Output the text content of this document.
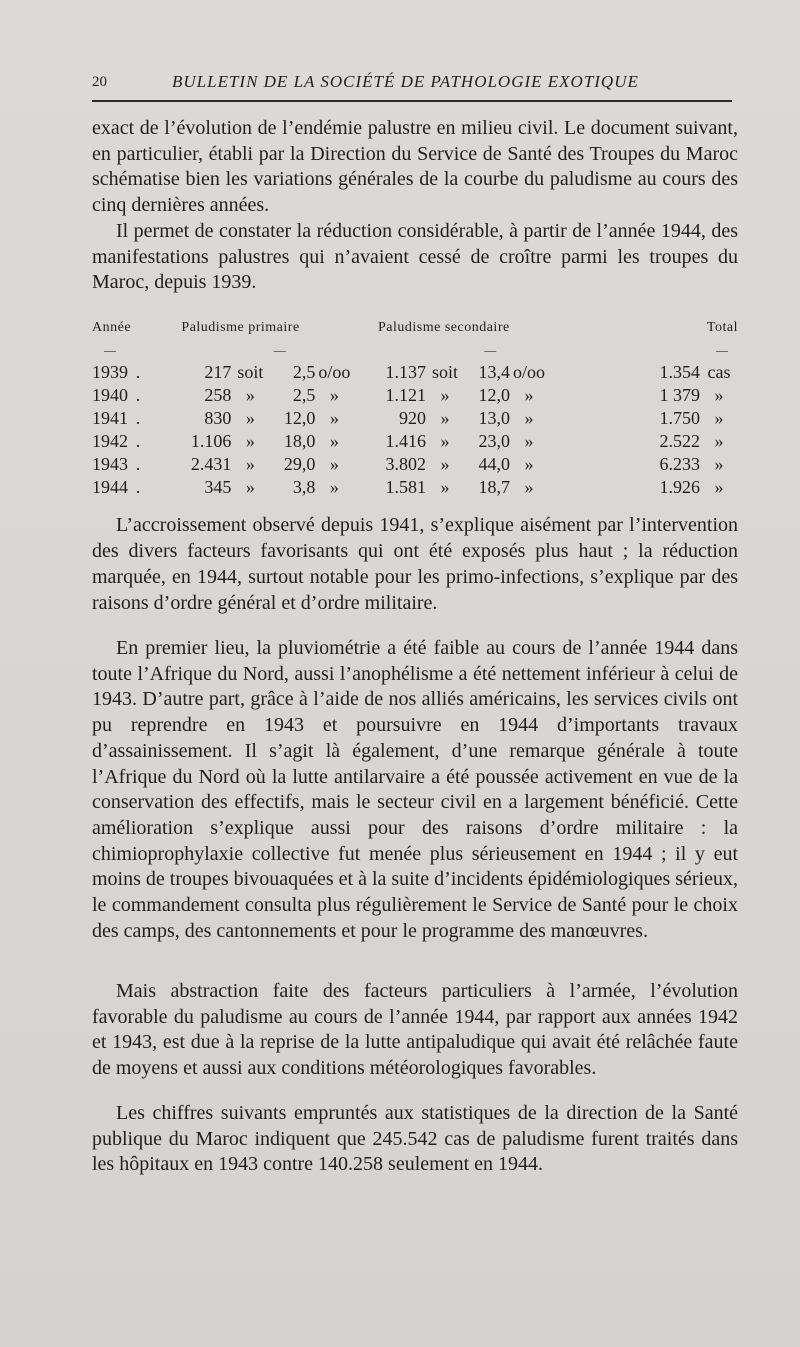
20	BULLETIN DE LA SOCIÉTÉ DE PATHOLOGIE EXOTIQUE

exact de l’évolution de l’endémie palustre en milieu civil. Le document suivant, en particulier, établi par la Direction du Service de Santé des Troupes du Maroc schématise bien les variations générales de la courbe du paludisme au cours des cinq dernières années.

Il permet de constater la réduction considérable, à partir de l’année 1944, des manifestations palustres qui n’avaient cessé de croître parmi les troupes du Maroc, depuis 1939.

Année	Paludisme primaire	Paludisme secondaire	Total
—	—	—	—
1939 .	217 soit 2,5 o/oo	1.137 soit 13,4 o/oo	1.354 cas
1940 .	258 » 2,5 »	1.121 » 12,0 »	1 379 »
1941 .	830 » 12,0 »	920 » 13,0 »	1.750 »
1942 .	1.106 » 18,0 »	1.416 » 23,0 »	2.522 »
1943 .	2.431 » 29,0 »	3.802 » 44,0 »	6.233 »
1944 .	345 » 3,8 »	1.581 » 18,7 »	1.926 »

L’accroissement observé depuis 1941, s’explique aisément par l’intervention des divers facteurs favorisants qui ont été exposés plus haut ; la réduction marquée, en 1944, surtout notable pour les primo-infections, s’explique par des raisons d’ordre général et d’ordre militaire.

En premier lieu, la pluviométrie a été faible au cours de l’année 1944 dans toute l’Afrique du Nord, aussi l’anophélisme a été nettement inférieur à celui de 1943. D’autre part, grâce à l’aide de nos alliés américains, les services civils ont pu reprendre en 1943 et poursuivre en 1944 d’importants travaux d’assainissement. Il s’agit là également, d’une remarque générale à toute l’Afrique du Nord où la lutte antilarvaire a été poussée activement en vue de la conservation des effectifs, mais le secteur civil en a largement bénéficié. Cette amélioration s’explique aussi pour des raisons d’ordre militaire : la chimioprophylaxie collective fut menée plus sérieusement en 1944 ; il y eut moins de troupes bivouaquées et à la suite d’incidents épidémiologiques sérieux, le commandement consulta plus régulièrement le Service de Santé pour le choix des camps, des cantonnements et pour le programme des manœuvres.

Mais abstraction faite des facteurs particuliers à l’armée, l’évolution favorable du paludisme au cours de l’année 1944, par rapport aux années 1942 et 1943, est due à la reprise de la lutte antipaludique qui avait été relâchée faute de moyens et aussi aux conditions météorologiques favorables.

Les chiffres suivants empruntés aux statistiques de la direction de la Santé publique du Maroc indiquent que 245.542 cas de paludisme furent traités dans les hôpitaux en 1943 contre 140.258 seulement en 1944.
